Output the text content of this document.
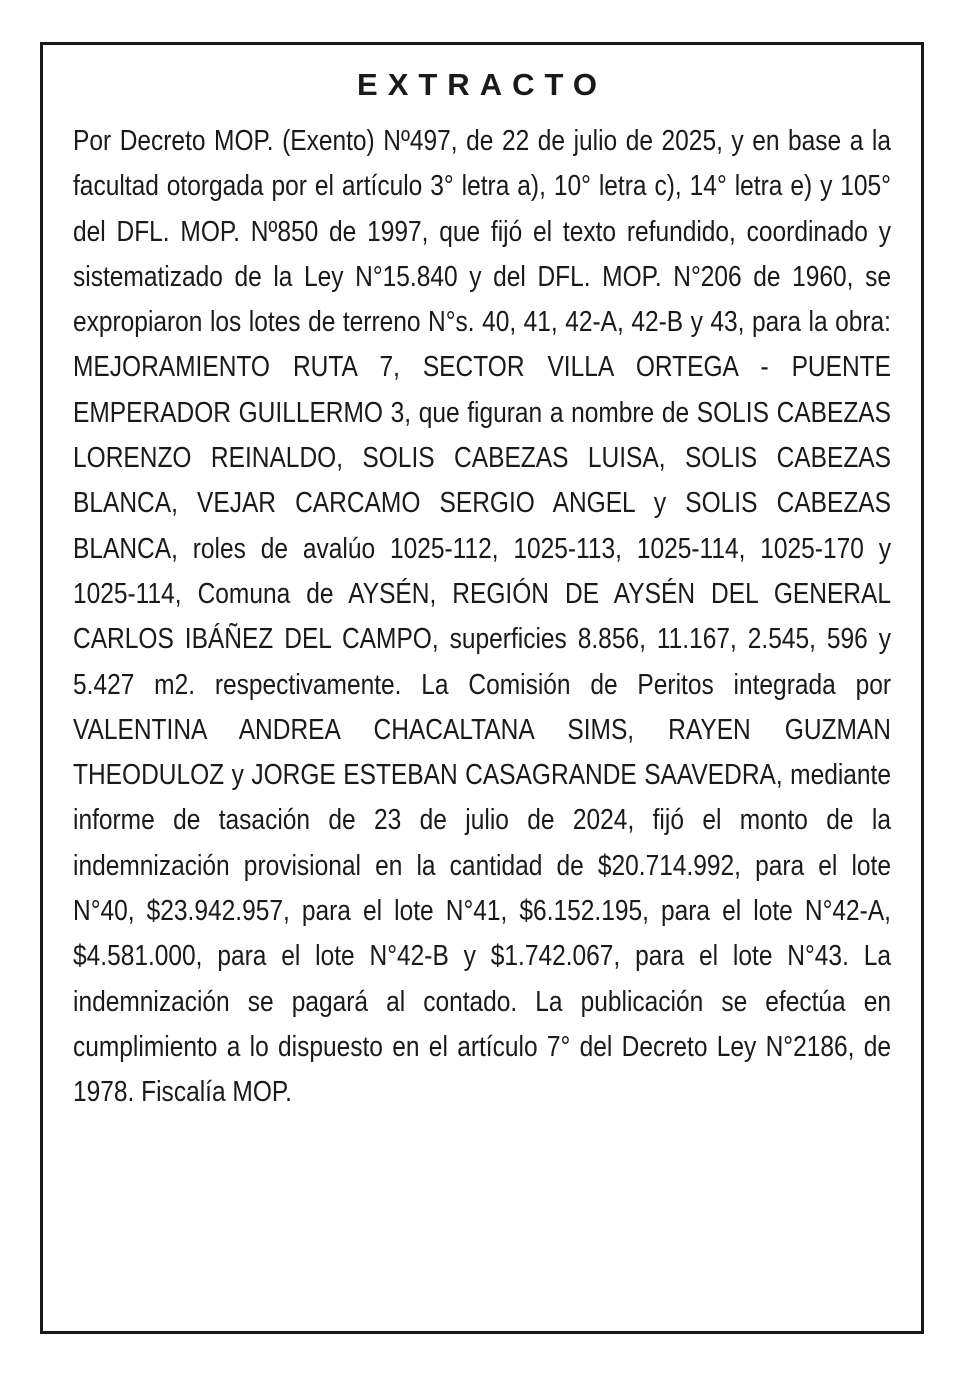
EXTRACTO

Por Decreto MOP. (Exento) Nº497, de 22 de julio de 2025, y en base a la facultad otorgada por el artículo 3° letra a), 10° letra c), 14° letra e) y 105° del DFL. MOP. Nº850 de 1997, que fijó el texto refundido, coordinado y sistematizado de la Ley N°15.840 y del DFL. MOP. N°206 de 1960, se expropiaron los lotes de terreno N°s. 40, 41, 42-A, 42-B y 43, para la obra: MEJORAMIENTO RUTA 7, SECTOR VILLA ORTEGA - PUENTE EMPERADOR GUILLERMO 3, que figuran a nombre de SOLIS CABEZAS LORENZO REINALDO, SOLIS CABEZAS LUISA, SOLIS CABEZAS BLANCA, VEJAR CARCAMO SERGIO ANGEL y SOLIS CABEZAS BLANCA, roles de avalúo 1025-112, 1025-113, 1025-114, 1025-170 y 1025-114, Comuna de AYSÉN, REGIÓN DE AYSÉN DEL GENERAL CARLOS IBÁÑEZ DEL CAMPO, superficies 8.856, 11.167, 2.545, 596 y 5.427 m2. respectivamente. La Comisión de Peritos integrada por VALENTINA ANDREA CHACALTANA SIMS, RAYEN GUZMAN THEODULOZ y JORGE ESTEBAN CASAGRANDE SAAVEDRA, mediante informe de tasación de 23 de julio de 2024, fijó el monto de la indemnización provisional en la cantidad de $20.714.992, para el lote N°40, $23.942.957, para el lote N°41, $6.152.195, para el lote N°42-A, $4.581.000, para el lote N°42-B y $1.742.067, para el lote N°43. La indemnización se pagará al contado. La publicación se efectúa en cumplimiento a lo dispuesto en el artículo 7° del Decreto Ley N°2186, de 1978. Fiscalía MOP.
